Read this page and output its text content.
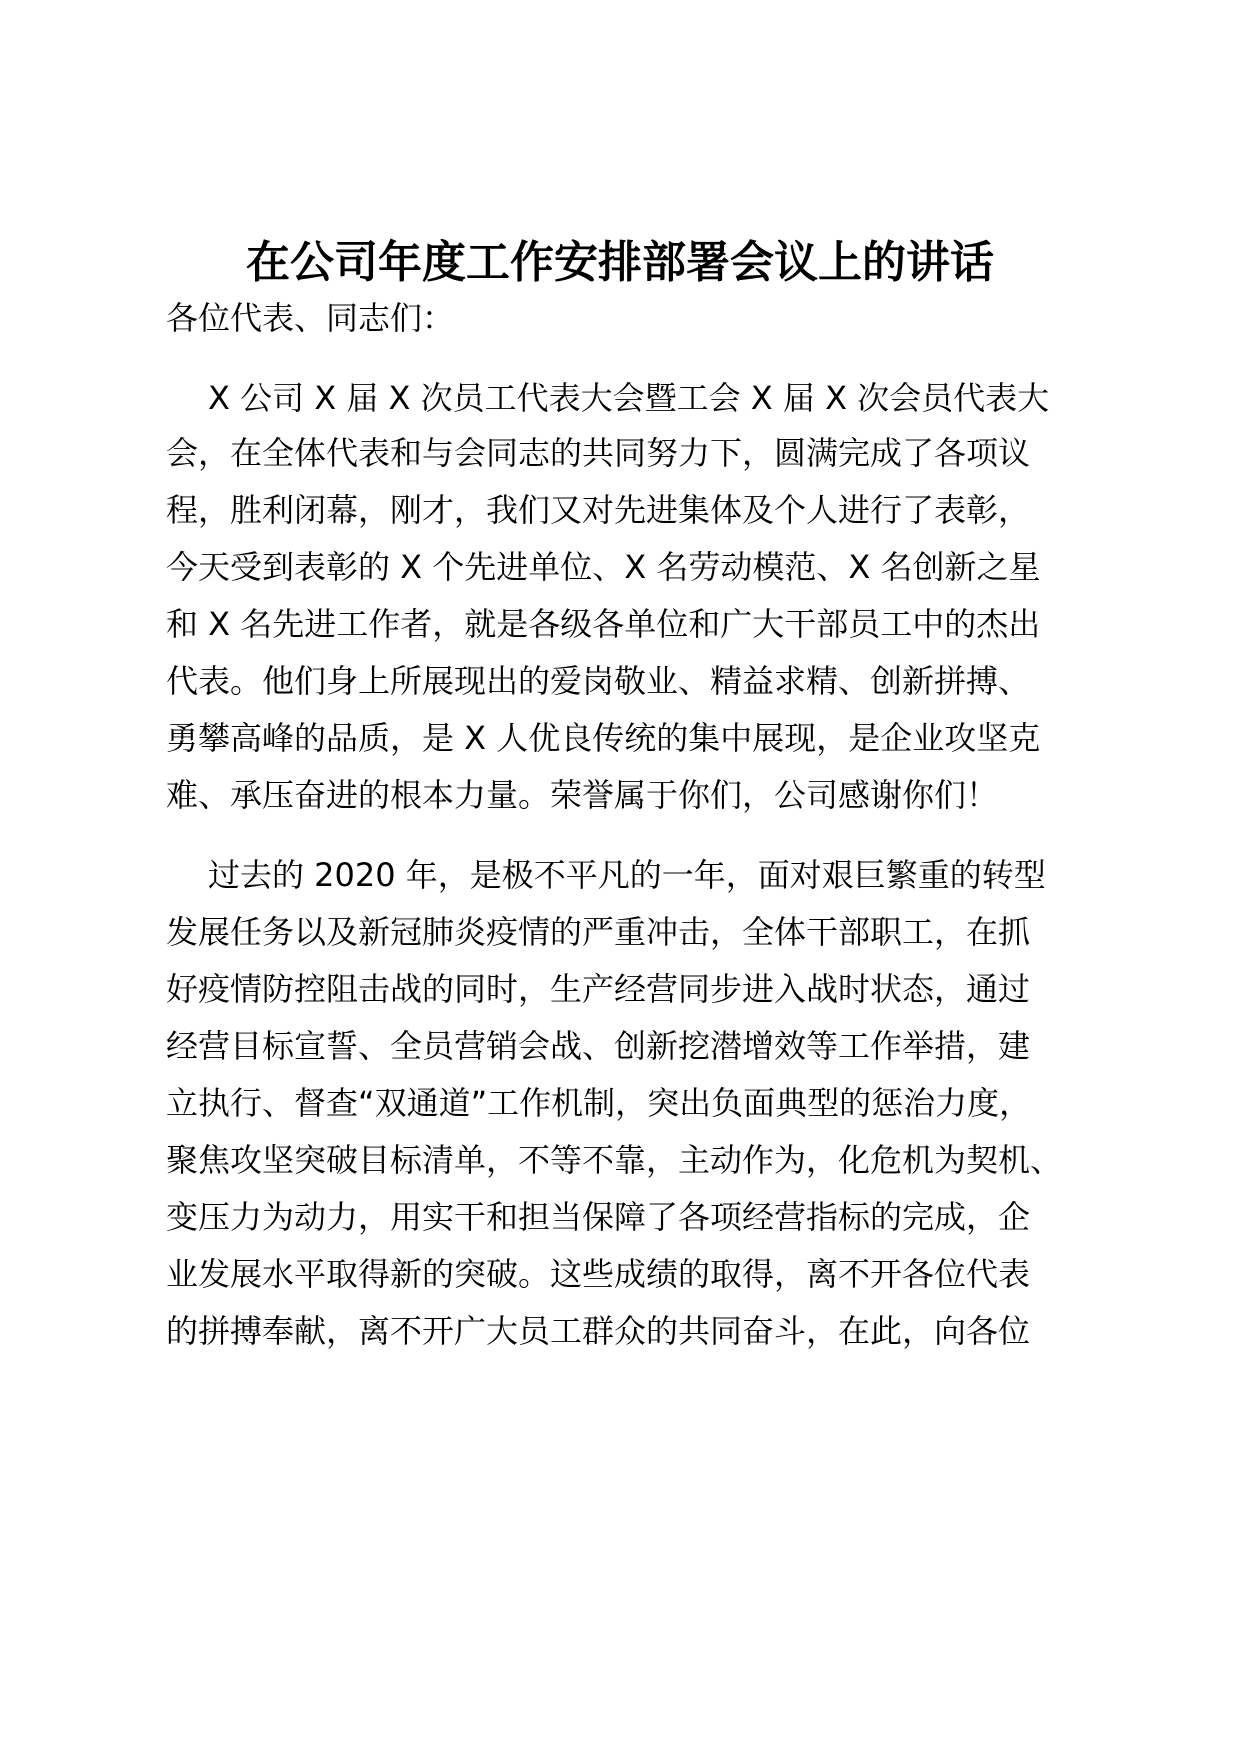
在公司年度工作安排部署会议上的讲话
各位代表、同志们：
X 公司 X 届 X 次员工代表大会暨工会 X 届 X 次会员代表大
会，在全体代表和与会同志的共同努力下，圆满完成了各项议
程，胜利闭幕，刚才，我们又对先进集体及个人进行了表彰，
今天受到表彰的 X 个先进单位、X 名劳动模范、X 名创新之星
和 X 名先进工作者，就是各级各单位和广大干部员工中的杰出
代表。他们身上所展现出的爱岗敬业、精益求精、创新拼搏、
勇攀高峰的品质，是 X 人优良传统的集中展现，是企业攻坚克
难、承压奋进的根本力量。荣誉属于你们，公司感谢你们！
过去的 2020 年，是极不平凡的一年，面对艰巨繁重的转型
发展任务以及新冠肺炎疫情的严重冲击，全体干部职工，在抓
好疫情防控阻击战的同时，生产经营同步进入战时状态，通过
经营目标宣誓、全员营销会战、创新挖潜增效等工作举措，建
立执行、督查“双通道”工作机制，突出负面典型的惩治力度，
聚焦攻坚突破目标清单，不等不靠，主动作为，化危机为契机、
变压力为动力，用实干和担当保障了各项经营指标的完成，企
业发展水平取得新的突破。这些成绩的取得，离不开各位代表
的拼搏奉献，离不开广大员工群众的共同奋斗，在此，向各位
